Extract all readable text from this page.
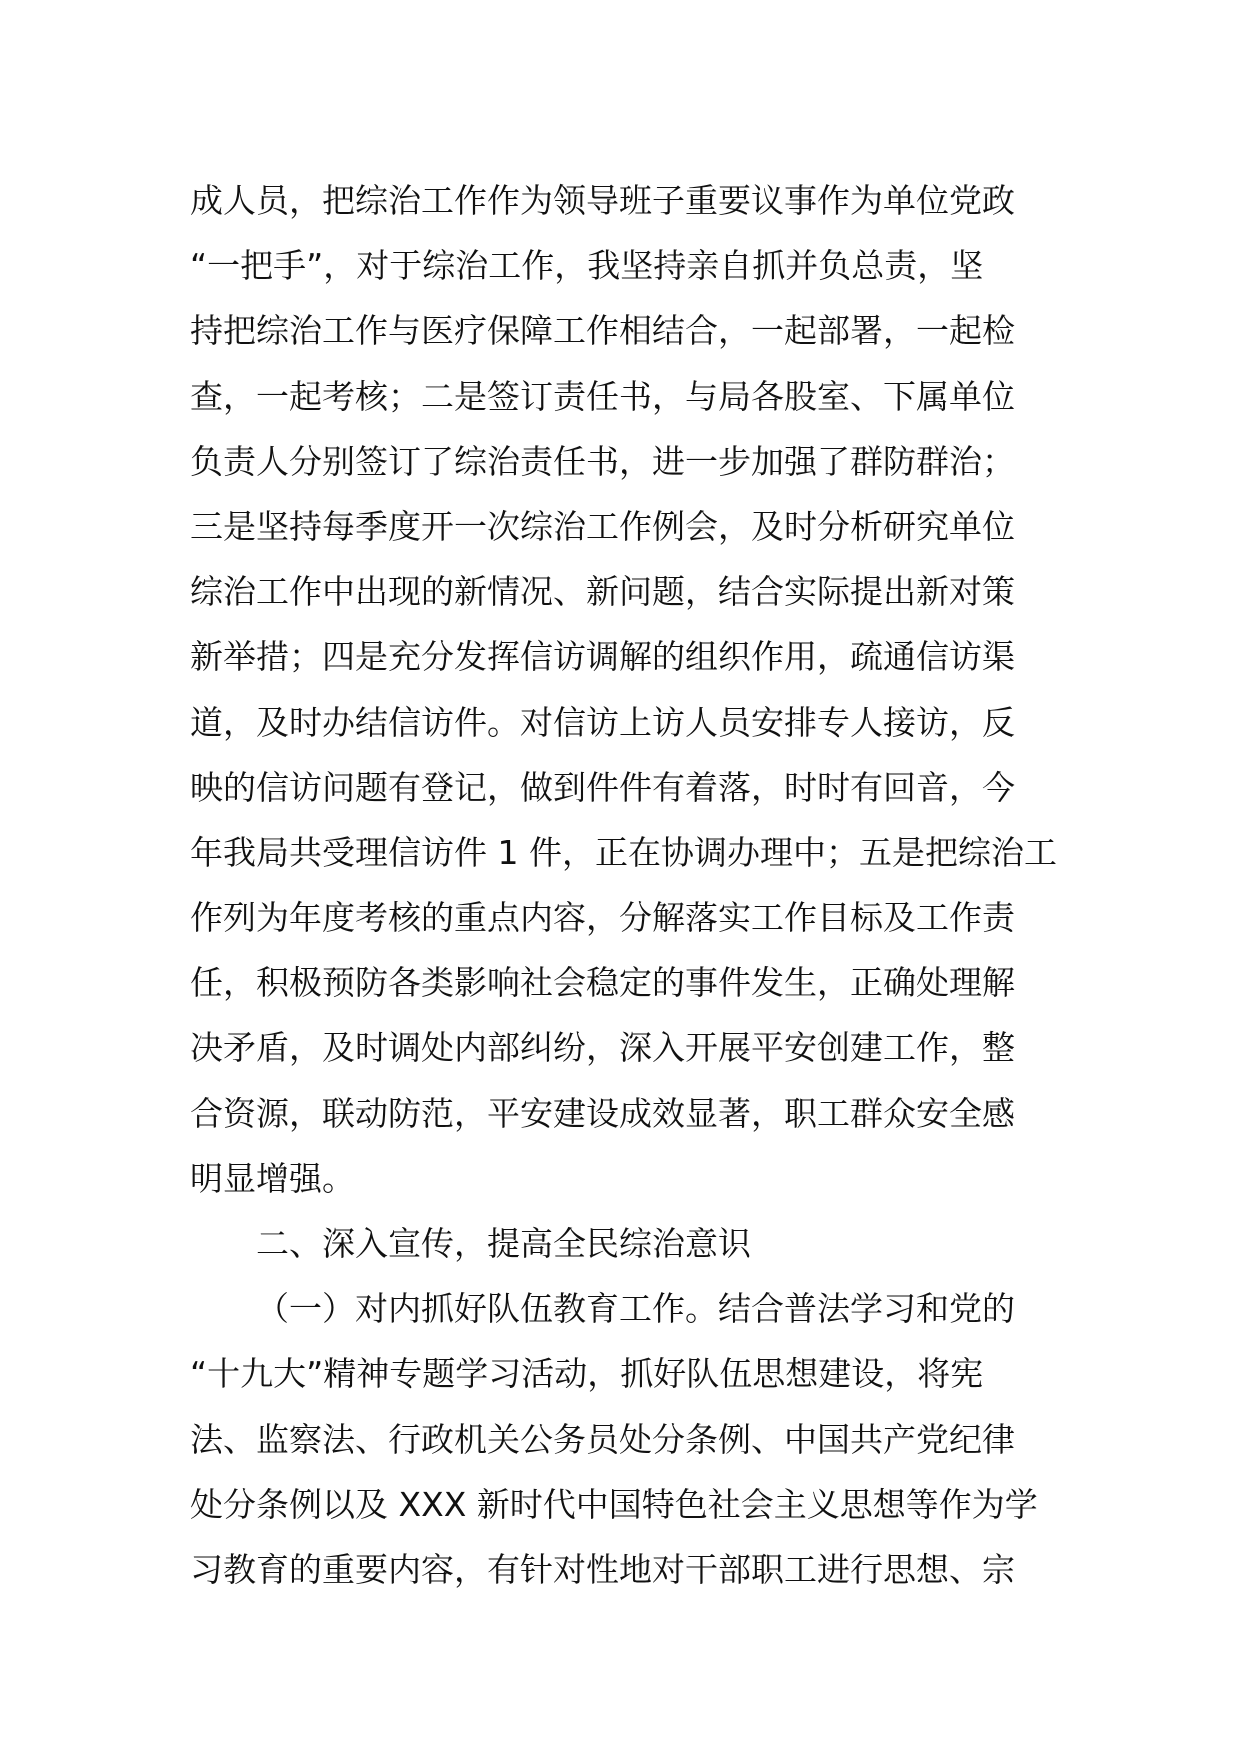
成人员，把综治工作作为领导班子重要议事作为单位党政
“一把手”，对于综治工作，我坚持亲自抓并负总责，坚
持把综治工作与医疗保障工作相结合，一起部署，一起检
查，一起考核；二是签订责任书，与局各股室、下属单位
负责人分别签订了综治责任书，进一步加强了群防群治；
三是坚持每季度开一次综治工作例会，及时分析研究单位
综治工作中出现的新情况、新问题，结合实际提出新对策
新举措；四是充分发挥信访调解的组织作用，疏通信访渠
道，及时办结信访件。对信访上访人员安排专人接访，反
映的信访问题有登记，做到件件有着落，时时有回音，今
年我局共受理信访件 1 件，正在协调办理中；五是把综治工
作列为年度考核的重点内容，分解落实工作目标及工作责
任，积极预防各类影响社会稳定的事件发生，正确处理解
决矛盾，及时调处内部纠纷，深入开展平安创建工作，整
合资源，联动防范，平安建设成效显著，职工群众安全感
明显增强。
二、深入宣传，提高全民综治意识
（一）对内抓好队伍教育工作。结合普法学习和党的
“十九大”精神专题学习活动，抓好队伍思想建设，将宪
法、监察法、行政机关公务员处分条例、中国共产党纪律
处分条例以及 XXX 新时代中国特色社会主义思想等作为学
习教育的重要内容，有针对性地对干部职工进行思想、宗
